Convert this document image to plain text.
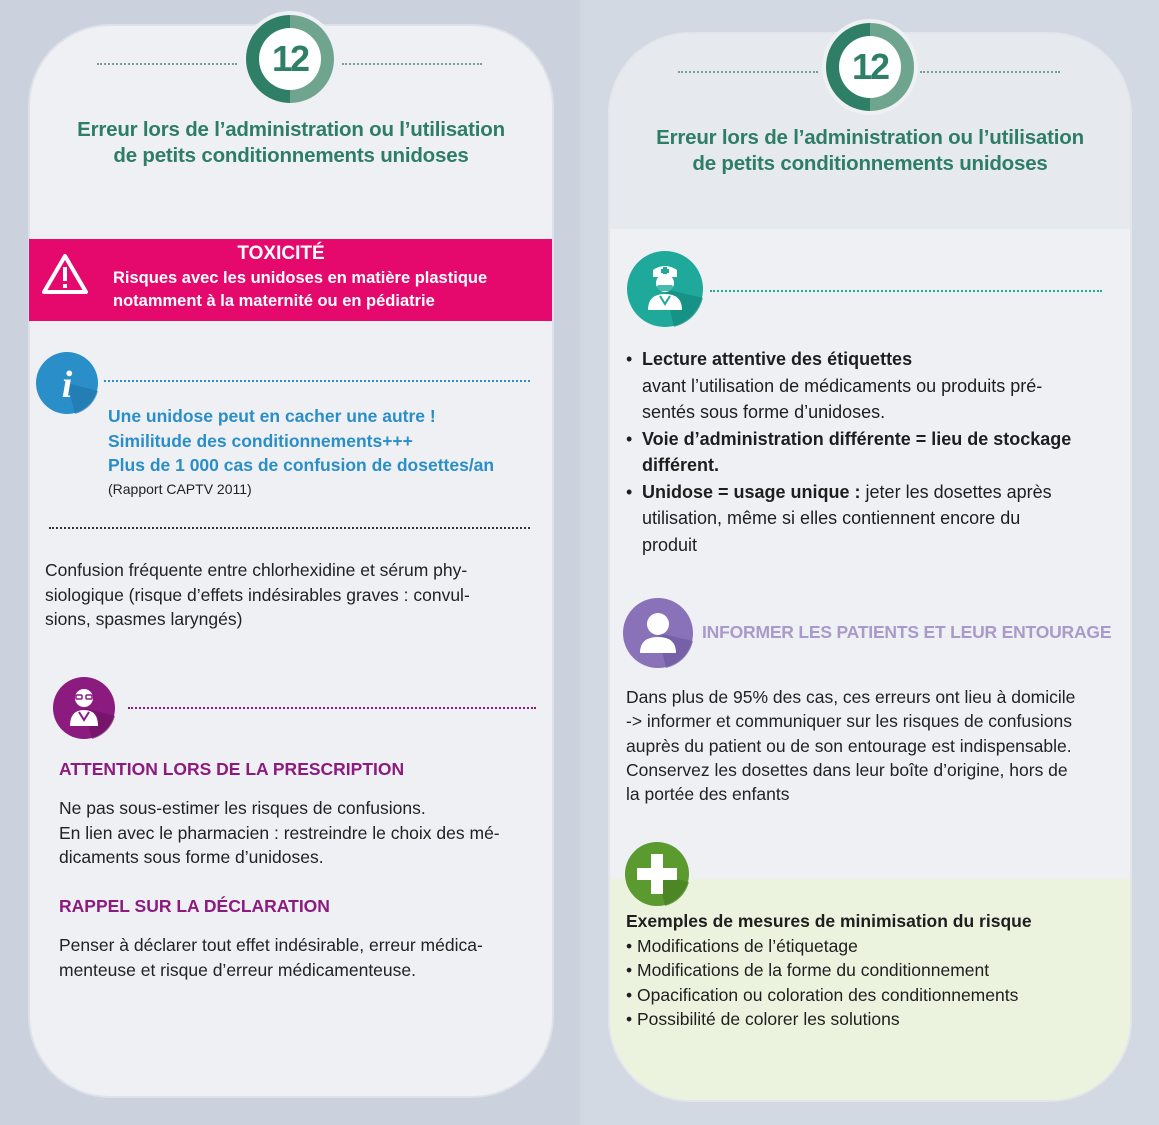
12
Erreur lors de l’administration ou l’utilisation
de petits conditionnements unidoses
TOXICITÉ
Risques avec les unidoses en matière plastique
notamment à la maternité ou en pédiatrie
i
Une unidose peut en cacher une autre !
Similitude des conditionnements+++
Plus de 1 000 cas de confusion de dosettes/an
(Rapport CAPTV 2011)
Confusion fréquente entre chlorhexidine et sérum phy-
siologique (risque d’effets indésirables graves : convul-
sions, spasmes laryngés)
ATTENTION LORS DE LA PRESCRIPTION
Ne pas sous-estimer les risques de confusions.
En lien avec le pharmacien : restreindre le choix des mé-
dicaments sous forme d’unidoses.
RAPPEL SUR LA DÉCLARATION
Penser à déclarer tout effet indésirable, erreur médica-
menteuse et risque d’erreur médicamenteuse.
12
Erreur lors de l’administration ou l’utilisation
de petits conditionnements unidoses
• Lecture attentive des étiquettes
avant l’utilisation de médicaments ou produits pré-
sentés sous forme d’unidoses.
• Voie d’administration différente = lieu de stockage
différent.
• Unidose = usage unique : jeter les dosettes après
utilisation, même si elles contiennent encore du
produit
INFORMER LES PATIENTS ET LEUR ENTOURAGE
Dans plus de 95% des cas, ces erreurs ont lieu à domicile
-> informer et communiquer sur les risques de confusions
auprès du patient ou de son entourage est indispensable.
Conservez les dosettes dans leur boîte d’origine, hors de
la portée des enfants
Exemples de mesures de minimisation du risque
• Modifications de l’étiquetage
• Modifications de la forme du conditionnement
• Opacification ou coloration des conditionnements
• Possibilité de colorer les solutions
